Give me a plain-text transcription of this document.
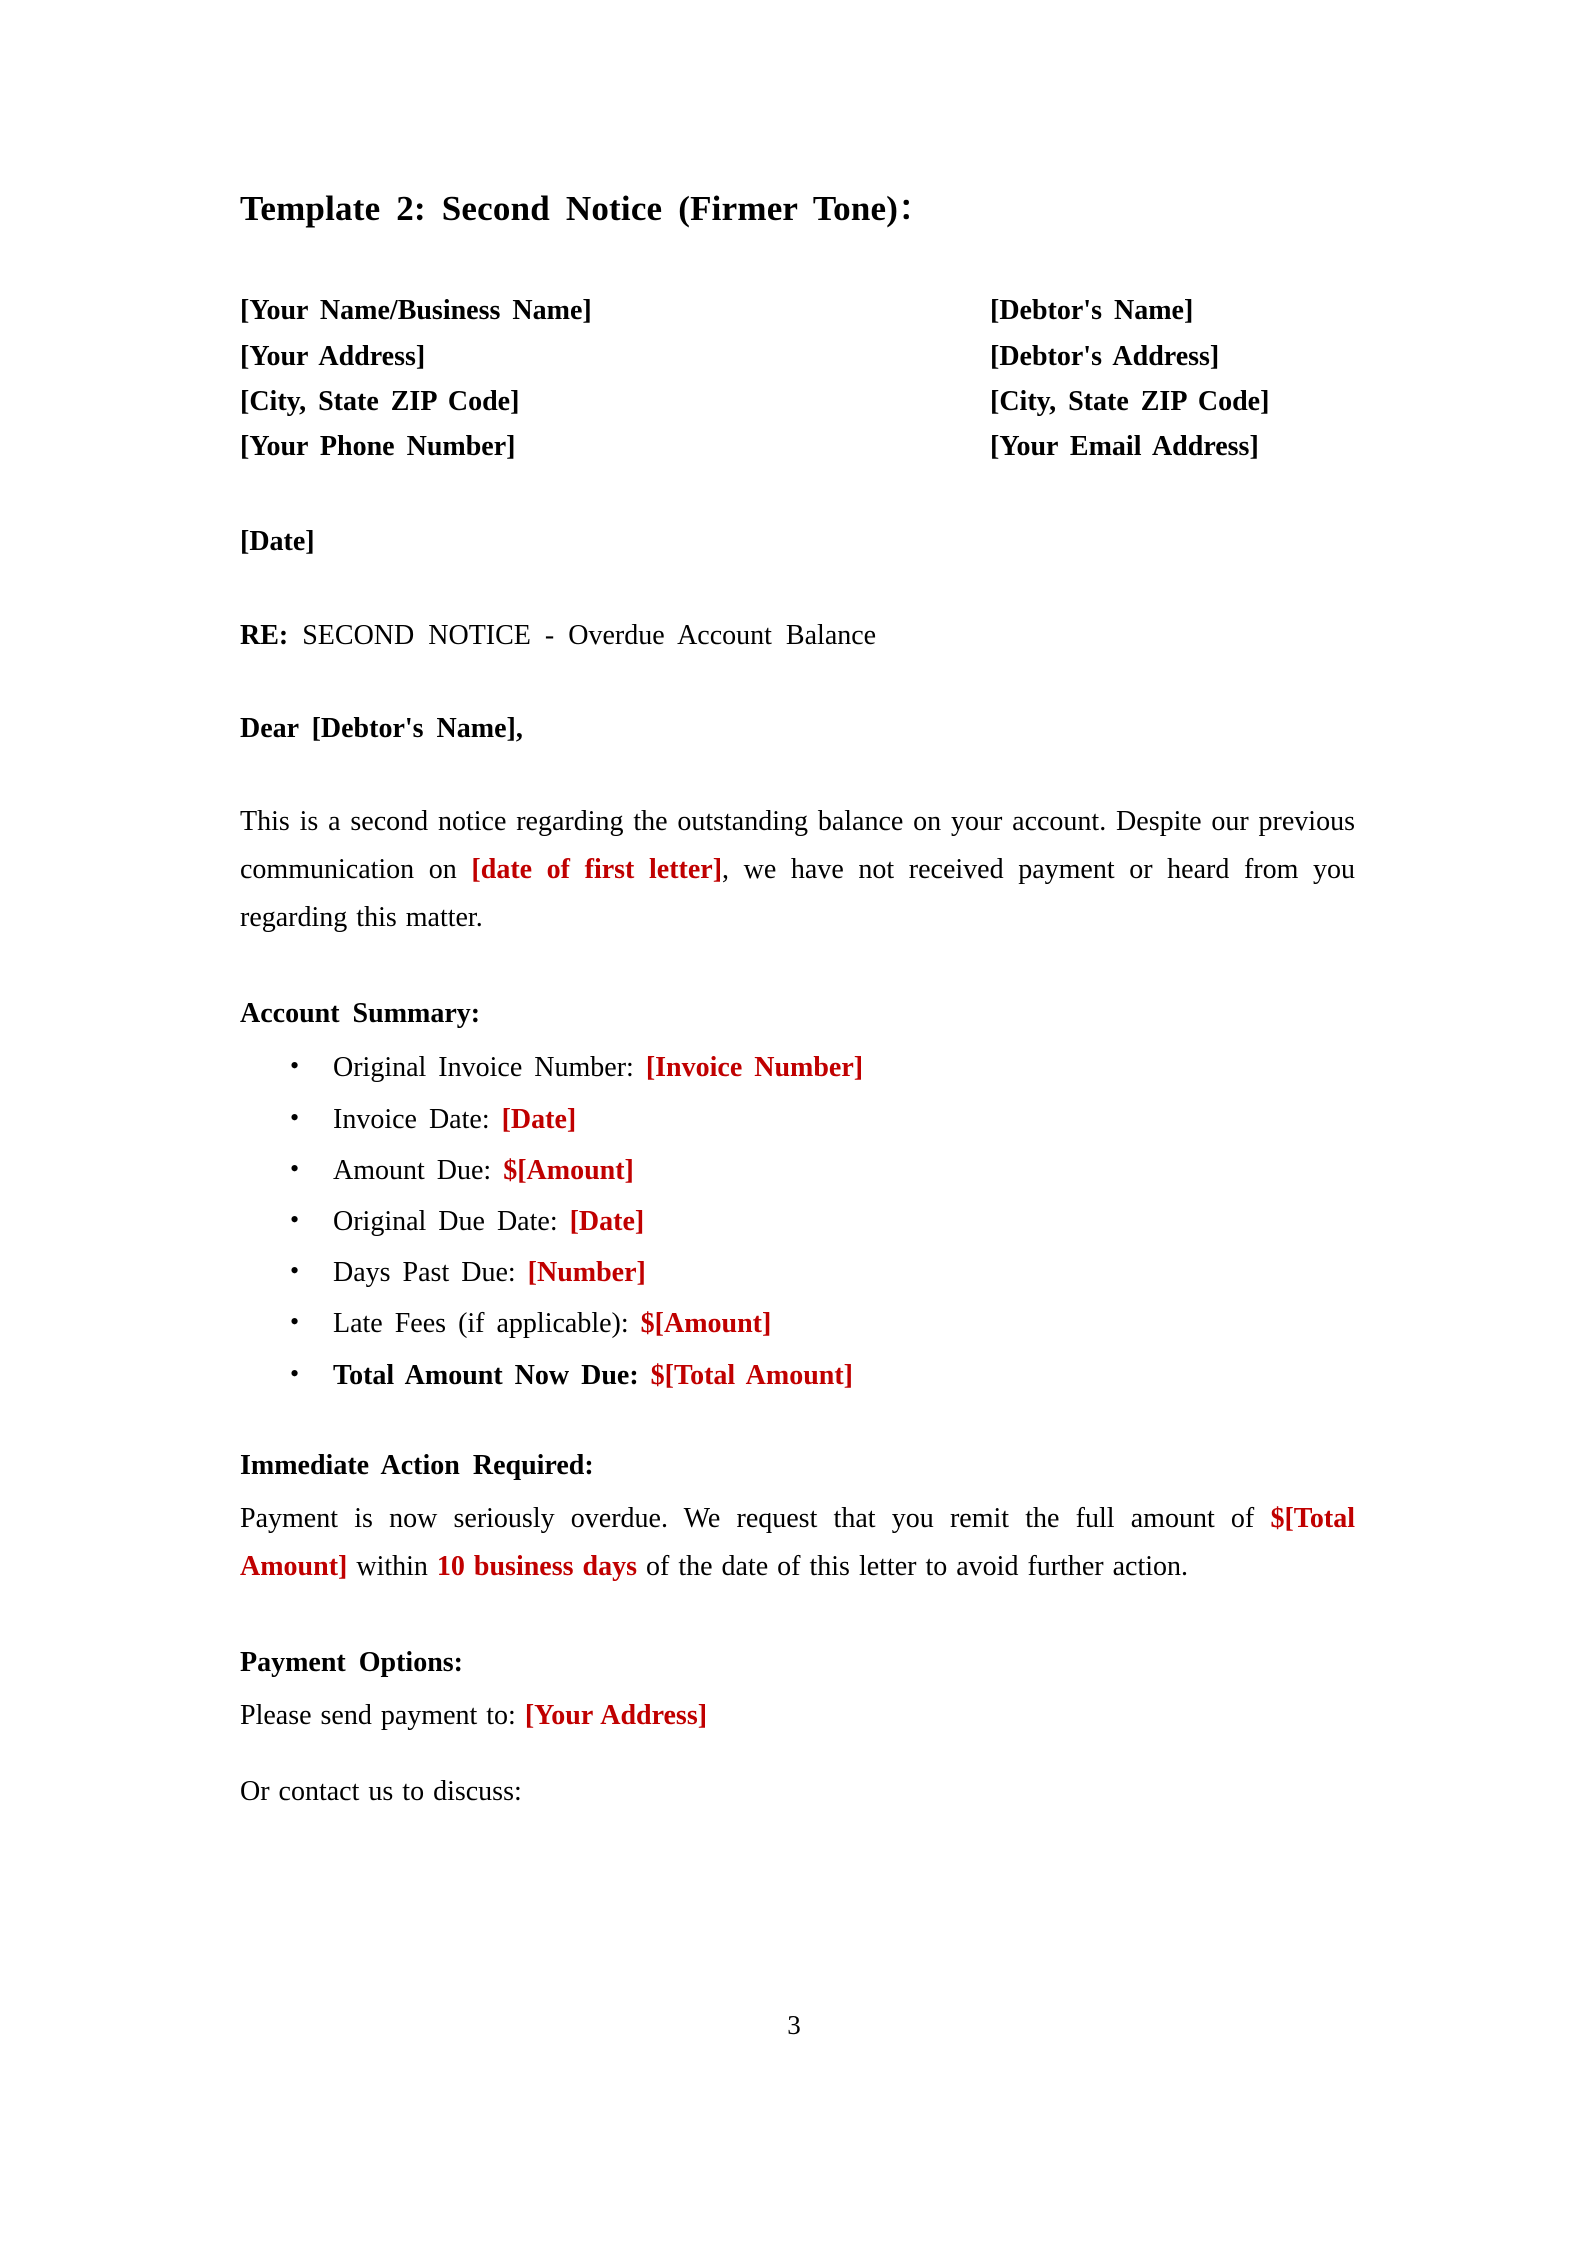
Template 2: Second Notice (Firmer Tone)：
[Your Name/Business Name]
[Your Address]
[City, State ZIP Code]
[Your Phone Number]
[Debtor's Name]
[Debtor's Address]
[City, State ZIP Code]
[Your Email Address]
[Date]
RE: SECOND NOTICE - Overdue Account Balance
Dear [Debtor's Name],

This is a second notice regarding the outstanding balance on your account. Despite our previous communication on [date of first letter], we have not received payment or heard from you regarding this matter.

Account Summary:
• Original Invoice Number: [Invoice Number]
• Invoice Date: [Date]
• Amount Due: $[Amount]
• Original Due Date: [Date]
• Days Past Due: [Number]
• Late Fees (if applicable): $[Amount]
• Total Amount Now Due: $[Total Amount]
Immediate Action Required:

Payment is now seriously overdue. We request that you remit the full amount of $[Total Amount] within 10 business days of the date of this letter to avoid further action.

Payment Options:

Please send payment to: [Your Address]

Or contact us to discuss:

3
